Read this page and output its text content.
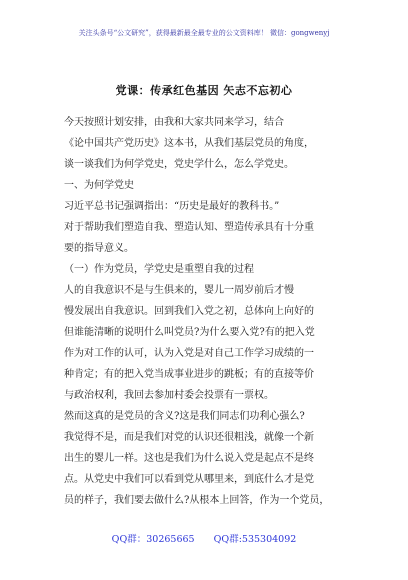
关注头条号“公文研究”，获得最新最全最专业的公文资料库！ 微信：gongwenyj
党课：传承红色基因 矢志不忘初心
今天按照计划安排，由我和大家共同来学习，结合
《论中国共产党历史》这本书，从我们基层党员的角度，
谈一谈我们为何学党史，党史学什么，怎么学党史。
一、为何学党史
习近平总书记强调指出：“历史是最好的教科书。”
对于帮助我们塑造自我、塑造认知、塑造传承具有十分重
要的指导意义。
（一）作为党员，学党史是重塑自我的过程
人的自我意识不是与生俱来的，婴儿一周岁前后才慢
慢发展出自我意识。回到我们入党之初，总体向上向好的
但谁能清晰的说明什么叫党员?为什么要入党?有的把入党
作为对工作的认可，认为入党是对自己工作学习成绩的一
种肯定；有的把入党当成事业进步的跳板；有的直接等价
与政治权利，我回去参加村委会投票有一票权。
然而这真的是党员的含义?这是我们同志们功利心强么?
我觉得不是，而是我们对党的认识还很粗浅，就像一个新
出生的婴儿一样。这也是我们为什么说入党是起点不是终
点。从党史中我们可以看到党从哪里来，到底什么才是党
员的样子，我们要去做什么?从根本上回答，作为一个党员，
QQ群：30265665 QQ群:535304092
